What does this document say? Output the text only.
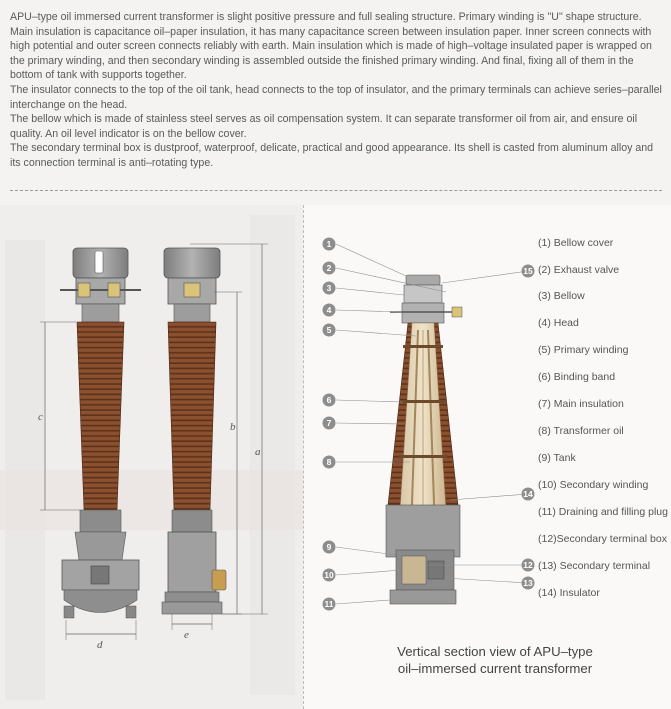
APU–type oil immersed current transformer is slight positive pressure and full sealing structure. Primary winding is "U" shape structure. Main insulation is capacitance oil–paper insulation, it has many capacitance screen between insulation paper. Inner screen connects with high potential and outer screen connects reliably with earth. Main insulation which is made of high–voltage insulated paper is wrapped on the primary winding, and then secondary winding is assembled outside the finished primary winding. And final, fixing all of them in the bottom of tank with supports together.

The insulator connects to the top of the oil tank, head connects to the top of insulator, and the primary terminals can achieve series–parallel interchange on the head.

The bellow which is made of stainless steel serves as oil compensation system. It can separate transformer oil from air, and ensure oil quality. An oil level indicator is on the bellow cover.

The secondary terminal box is dustproof, waterproof, delicate, practical and good appearance. Its shell is casted from aluminum alloy and its connection terminal is anti–rotating type.

c
d
b
a
e
1
2
3
4
5
6
7
8
9
10
11
12
13
14
15
(1) Bellow cover
(2) Exhaust valve
(3) Bellow
(4) Head
(5) Primary winding
(6) Binding band
(7) Main insulation
(8) Transformer oil
(9) Tank
(10) Secondary winding
(11) Draining and filling plug
(12)Secondary terminal box
(13) Secondary terminal
(14) Insulator
Vertical section view of APU–type
oil–immersed current transformer
